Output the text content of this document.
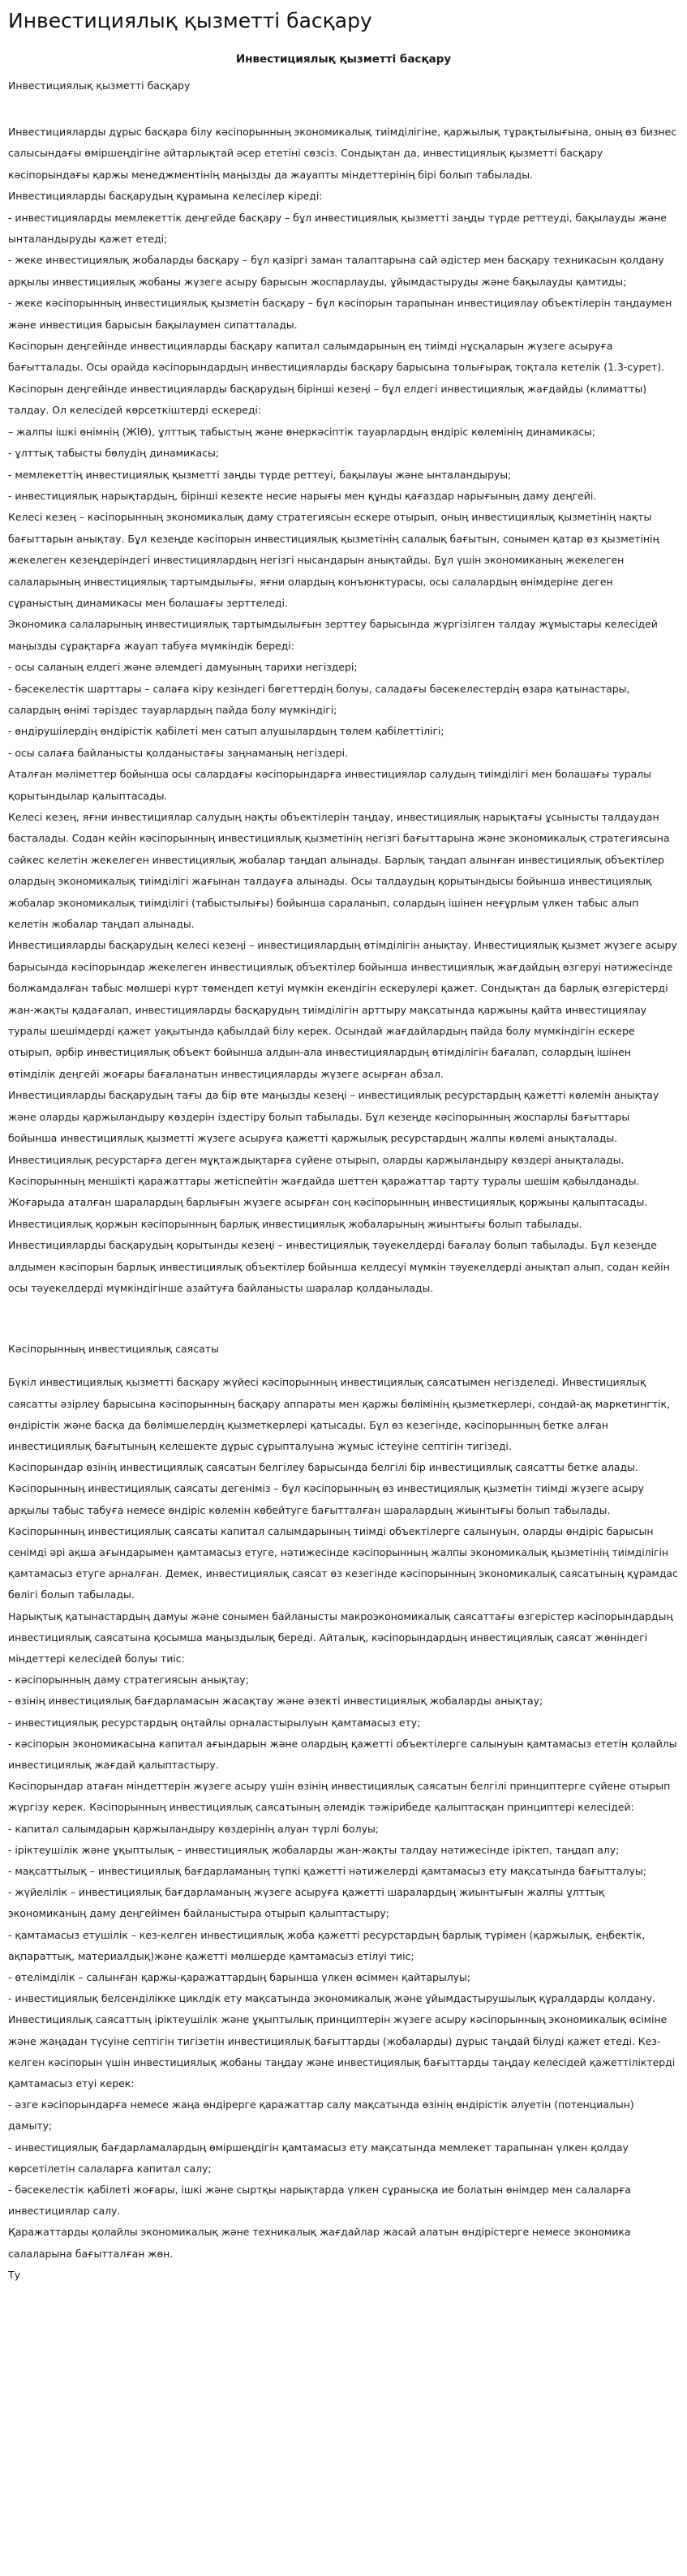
Инвестициялық қызметті басқару
Инвестициялық қызметті басқару
Инвестициялық қызметті басқару

Инвестицияларды дұрыс басқара білу кәсіпорынның экономикалық тиімділігіне, қаржылық тұрақтылығына, оның өз бизнес салысындағы өміршеңдігіне айтарлықтай әсер ететіні сөзсіз. Сондықтан да, инвестициялық қызметті басқару кәсіпорындағы қаржы менеджментінің маңызды да жауапты міндеттерінің бірі болып табылады.

Инвестицияларды басқарудың құрамына келесілер кіреді:

- инвестицияларды мемлекеттік деңгейде басқару – бұл инвестициялық қызметті заңды түрде реттеуді, бақылауды және ынталандыруды қажет етеді;

- жеке инвестициялық жобаларды басқару – бұл қазіргі заман талаптарына сай әдістер мен басқару техникасын қолдану арқылы инвестициялық жобаны жүзеге асыру барысын жоспарлауды, ұйымдастыруды және бақылауды қамтиды;

- жеке кәсіпорынның инвестициялық қызметін басқару – бұл кәсіпорын тарапынан инвестициялау объектілерін таңдаумен және инвестиция барысын бақылаумен сипатталады.

Кәсіпорын деңгейінде инвестицияларды басқару капитал салымдарының ең тиімді нұсқаларын жүзеге асыруға бағытталады. Осы орайда кәсіпорындардың инвестицияларды басқару барысына толығырақ тоқтала кетелік (1.3-сурет).

Кәсіпорын деңгейінде инвестицияларды басқарудың бірінші кезеңі – бұл елдегі инвестициялық жағдайды (климатты) талдау. Ол келесідей көрсеткіштерді ескереді:

– жалпы ішкі өнімнің (ЖІӨ), ұлттық табыстың және өнеркәсіптік тауарлардың өндіріс көлемінің динамикасы;

- ұлттық табысты бөлудің динамикасы;

- мемлекеттің инвестициялық қызметті заңды түрде реттеуі, бақылауы және ынталандыруы;

- инвестициялық нарықтардың, бірінші кезекте несие нарығы мен құнды қағаздар нарығының даму деңгейі.

Келесі кезең – кәсіпорынның экономикалық даму стратегиясын ескере отырып, оның инвестициялық қызметінің нақты бағыттарын анықтау. Бұл кезеңде кәсіпорын инвестициялық қызметінің салалық бағытын, сонымен қатар өз қызметінің жекелеген кезеңдеріндегі инвестициялардың негізгі нысандарын анықтайды. Бұл үшін экономиканың жекелеген салаларының инвестициялық тартымдылығы, яғни олардың конъюнктурасы, осы салалардың өнімдеріне деген сұраныстың динамикасы мен болашағы зерттеледі.

Экономика салаларының инвестициялық тартымдылығын зерттеу барысында жүргізілген талдау жұмыстары келесідей маңызды сұрақтарға жауап табуға мүмкіндік береді:

- осы саланың елдегі және әлемдегі дамуының тарихи негіздері;

- бәсекелестік шарттары – салаға кіру кезіндегі бөгеттердің болуы, саладағы бәсекелестердің өзара қатынастары, салардың өнімі тәріздес тауарлардың пайда болу мүмкіндігі;

- өндірушілердің өндірістік қабілеті мен сатып алушылардың төлем қабілеттілігі;

- осы салаға байланысты қолданыстағы заңнаманың негіздері.

Аталған мәліметтер бойынша осы салардағы кәсіпорындарға инвестициялар салудың тиімділігі мен болашағы туралы қорытындылар қалыптасады.

Келесі кезең, яғни инвестициялар салудың нақты объектілерін таңдау, инвестициялық нарықтағы ұсынысты талдаудан басталады. Содан кейін кәсіпорынның инвестициялық қызметінің негізгі бағыттарына және экономикалық стратегиясына сәйкес келетін жекелеген инвестициялық жобалар таңдап алынады. Барлық таңдап алынған инвестициялық объектілер олардың экономикалық тиімділігі жағынан талдауға алынады. Осы талдаудың қорытындысы бойынша инвестициялық жобалар экономикалық тиімділігі (табыстылығы) бойынша сараланып, солардың ішінен неғұрлым үлкен табыс алып келетін жобалар таңдап алынады.

Инвестицияларды басқарудың келесі кезеңі – инвестициялардың өтімділігін анықтау. Инвестициялық қызмет жүзеге асыру барысында кәсіпорындар жекелеген инвестициялық объектілер бойынша инвестициялық жағдайдың өзгеруі нәтижесінде болжамдалған табыс мөлшері күрт төмендеп кетуі мүмкін екендігін ескерулері қажет. Сондықтан да барлық өзгерістерді жан-жақты қадағалап, инвестицияларды басқарудың тиімділігін арттыру мақсатында қаржыны қайта инвестициялау туралы шешімдерді қажет уақытында қабылдай білу керек. Осындай жағдайлардың пайда болу мүмкіндігін ескере отырып, әрбір инвестициялық объект бойынша алдын-ала инвестициялардың өтімділігін бағалап, солардың ішінен өтімділік деңгейі жоғары бағаланатын инвестицияларды жүзеге асырған абзал.

Инвестицияларды басқарудың тағы да бір өте маңызды кезеңі – инвестициялық ресурстардың қажетті көлемін анықтау және оларды қаржыландыру көздерін іздестіру болып табылады. Бұл кезеңде кәсіпорынның жоспарлы бағыттары бойынша инвестициялық қызметті жүзеге асыруға қажетті қаржылық ресурстардың жалпы көлемі анықталады. Инвестициялық ресурстарға деген мұқтаждықтарға сүйене отырып, оларды қаржыландыру көздері анықталады. Кәсіпорынның меншікті қаражаттары жетіспейтін жағдайда шеттен қаражаттар тарту туралы шешім қабылданады.

Жоғарыда аталған шаралардың барлығын жүзеге асырған соң кәсіпорынның инвестициялық қоржыны қалыптасады. Инвестициялық қоржын кәсіпорынның барлық инвестициялық жобаларының жиынтығы болып табылады.

Инвестицияларды басқарудың қорытынды кезеңі – инвестициялық тәуекелдерді бағалау болып табылады. Бұл кезеңде алдымен кәсіпорын барлық инвестициялық объектілер бойынша келдесуі мүмкін тәуекелдерді анықтап алып, содан кейін осы тәуекелдерді мүмкіндігінше азайтуға байланысты шаралар қолданылады.

Кәсіпорынның инвестициялық саясаты

Бүкіл инвестициялық қызметті басқару жүйесі кәсіпорынның инвестициялық саясатымен негізделеді. Инвестициялық саясатты әзірлеу барысына кәсіпорынның басқару аппараты мен қаржы бөлімінің қызметкерлері, сондай-ақ маркетингтік, өндірістік және басқа да бөлімшелердің қызметкерлері қатысады. Бұл өз кезегінде, кәсіпорынның бетке алған инвестициялық бағытының келешекте дұрыс сұрыпталуына жұмыс істеуіне септігін тигізеді.

Кәсіпорындар өзінің инвестициялық саясатын белгілеу барысында белгілі бір инвестициялық саясатты бетке алады.

Кәсіпорынның инвестициялық саясаты дегеніміз – бұл кәсіпорынның өз инвестициялық қызметін тиімді жүзеге асыру арқылы табыс табуға немесе өндіріс көлемін көбейтуге бағытталған шаралардың жиынтығы болып табылады. Кәсіпорынның инвестициялық саясаты капитал салымдарының тиімді объектілерге салынуын, оларды өндіріс барысын сенімді әрі ақша ағындарымен қамтамасыз етуге, нәтижесінде кәсіпорынның жалпы экономикалық қызметінің тиімділігін қамтамасыз етуге арналған. Демек, инвестициялық саясат өз кезегінде кәсіпорынның экономикалық саясатының құрамдас бөлігі болып табылады.

Нарықтық қатынастардың дамуы және сонымен байланысты макроэкономикалық саясаттағы өзгерістер кәсіпорындардың инвестициялық саясатына қосымша маңыздылық береді. Айталық, кәсіпорындардың инвестициялық саясат жөніндегі міндеттері келесідей болуы тиіс:

- кәсіпорынның даму стратегиясын анықтау;

- өзінің инвестициялық бағдарламасын жасақтау және әзекті инвестициялық жобаларды анықтау;

- инвестициялық ресурстардың оңтайлы орналастырылуын қамтамасыз ету;

- кәсіпорын экономикасына капитал ағындарын және олардың қажетті объектілерге салынуын қамтамасыз ететін қолайлы инвестициялық жағдай қалыптастыру.

Кәсіпорындар атаған міндеттерін жүзеге асыру үшін өзінің инвестициялық саясатын белгілі принциптерге сүйене отырып жүргізу керек. Кәсіпорынның инвестициялық саясатының әлемдік тәжірибеде қалыптасқан принциптері келесідей:

- капитал салымдарын қаржыландыру көздерінің алуан түрлі болуы;

- іріктеушілік және ұқыптылық – инвестициялық жобаларды жан-жақты талдау нәтижесінде іріктеп, таңдап алу;

- мақсаттылық – инвестициялық бағдарламаның түпкі қажетті нәтижелерді қамтамасыз ету мақсатында бағытталуы;

- жүйелілік – инвестициялық бағдарламаның жүзеге асыруға қажетті шаралардың жиынтығын жалпы ұлттық экономиканың даму деңгейімен байланыстыра отырып қалыптастыру;

- қамтамасыз етушілік – кез-келген инвестициялық жоба қажетті ресурстардың барлық түрімен (қаржылық, еңбектік, ақпараттық, материалдық)және қажетті мөлшерде қамтамасыз етілуі тиіс;

- өтелімділік – салынған қаржы-қаражаттардың барынша үлкен өсіммен қайтарылуы;

- инвестициялық белсенділікке циклдік ету мақсатында экономикалық және ұйымдастырушылық құралдарды қолдану. Инвестициялық саясаттың іріктеушілік және ұқыптылық принциптерін жүзеге асыру кәсіпорынның экономикалық өсіміне және жаңадан түсуіне септігін тигізетін инвестициялық бағыттарды (жобаларды) дұрыс таңдай білуді қажет етеді. Кез-келген кәсіпорын үшін инвестициялық жобаны таңдау және инвестициялық бағыттарды таңдау келесідей қажеттіліктерді қамтамасыз етуі керек:

- әзге кәсіпорындарға немесе жаңа өндірерге қаражаттар салу мақсатында өзінің өндірістік әлуетін (потенциалын) дамыту;

- инвестициялық бағдарламалардың өміршеңдігін қамтамасыз ету мақсатында мемлекет тарапынан үлкен қолдау көрсетілетін салаларға капитал салу;

- бәсекелестік қабілеті жоғары, ішкі және сыртқы нарықтарда үлкен сұранысқа ие болатын өнімдер мен салаларға инвестициялар салу.

Қаражаттарды қолайлы экономикалық және техникалық жағдайлар жасай алатын өндірістерге немесе экономика салаларына бағытталған жөн.

Ту
